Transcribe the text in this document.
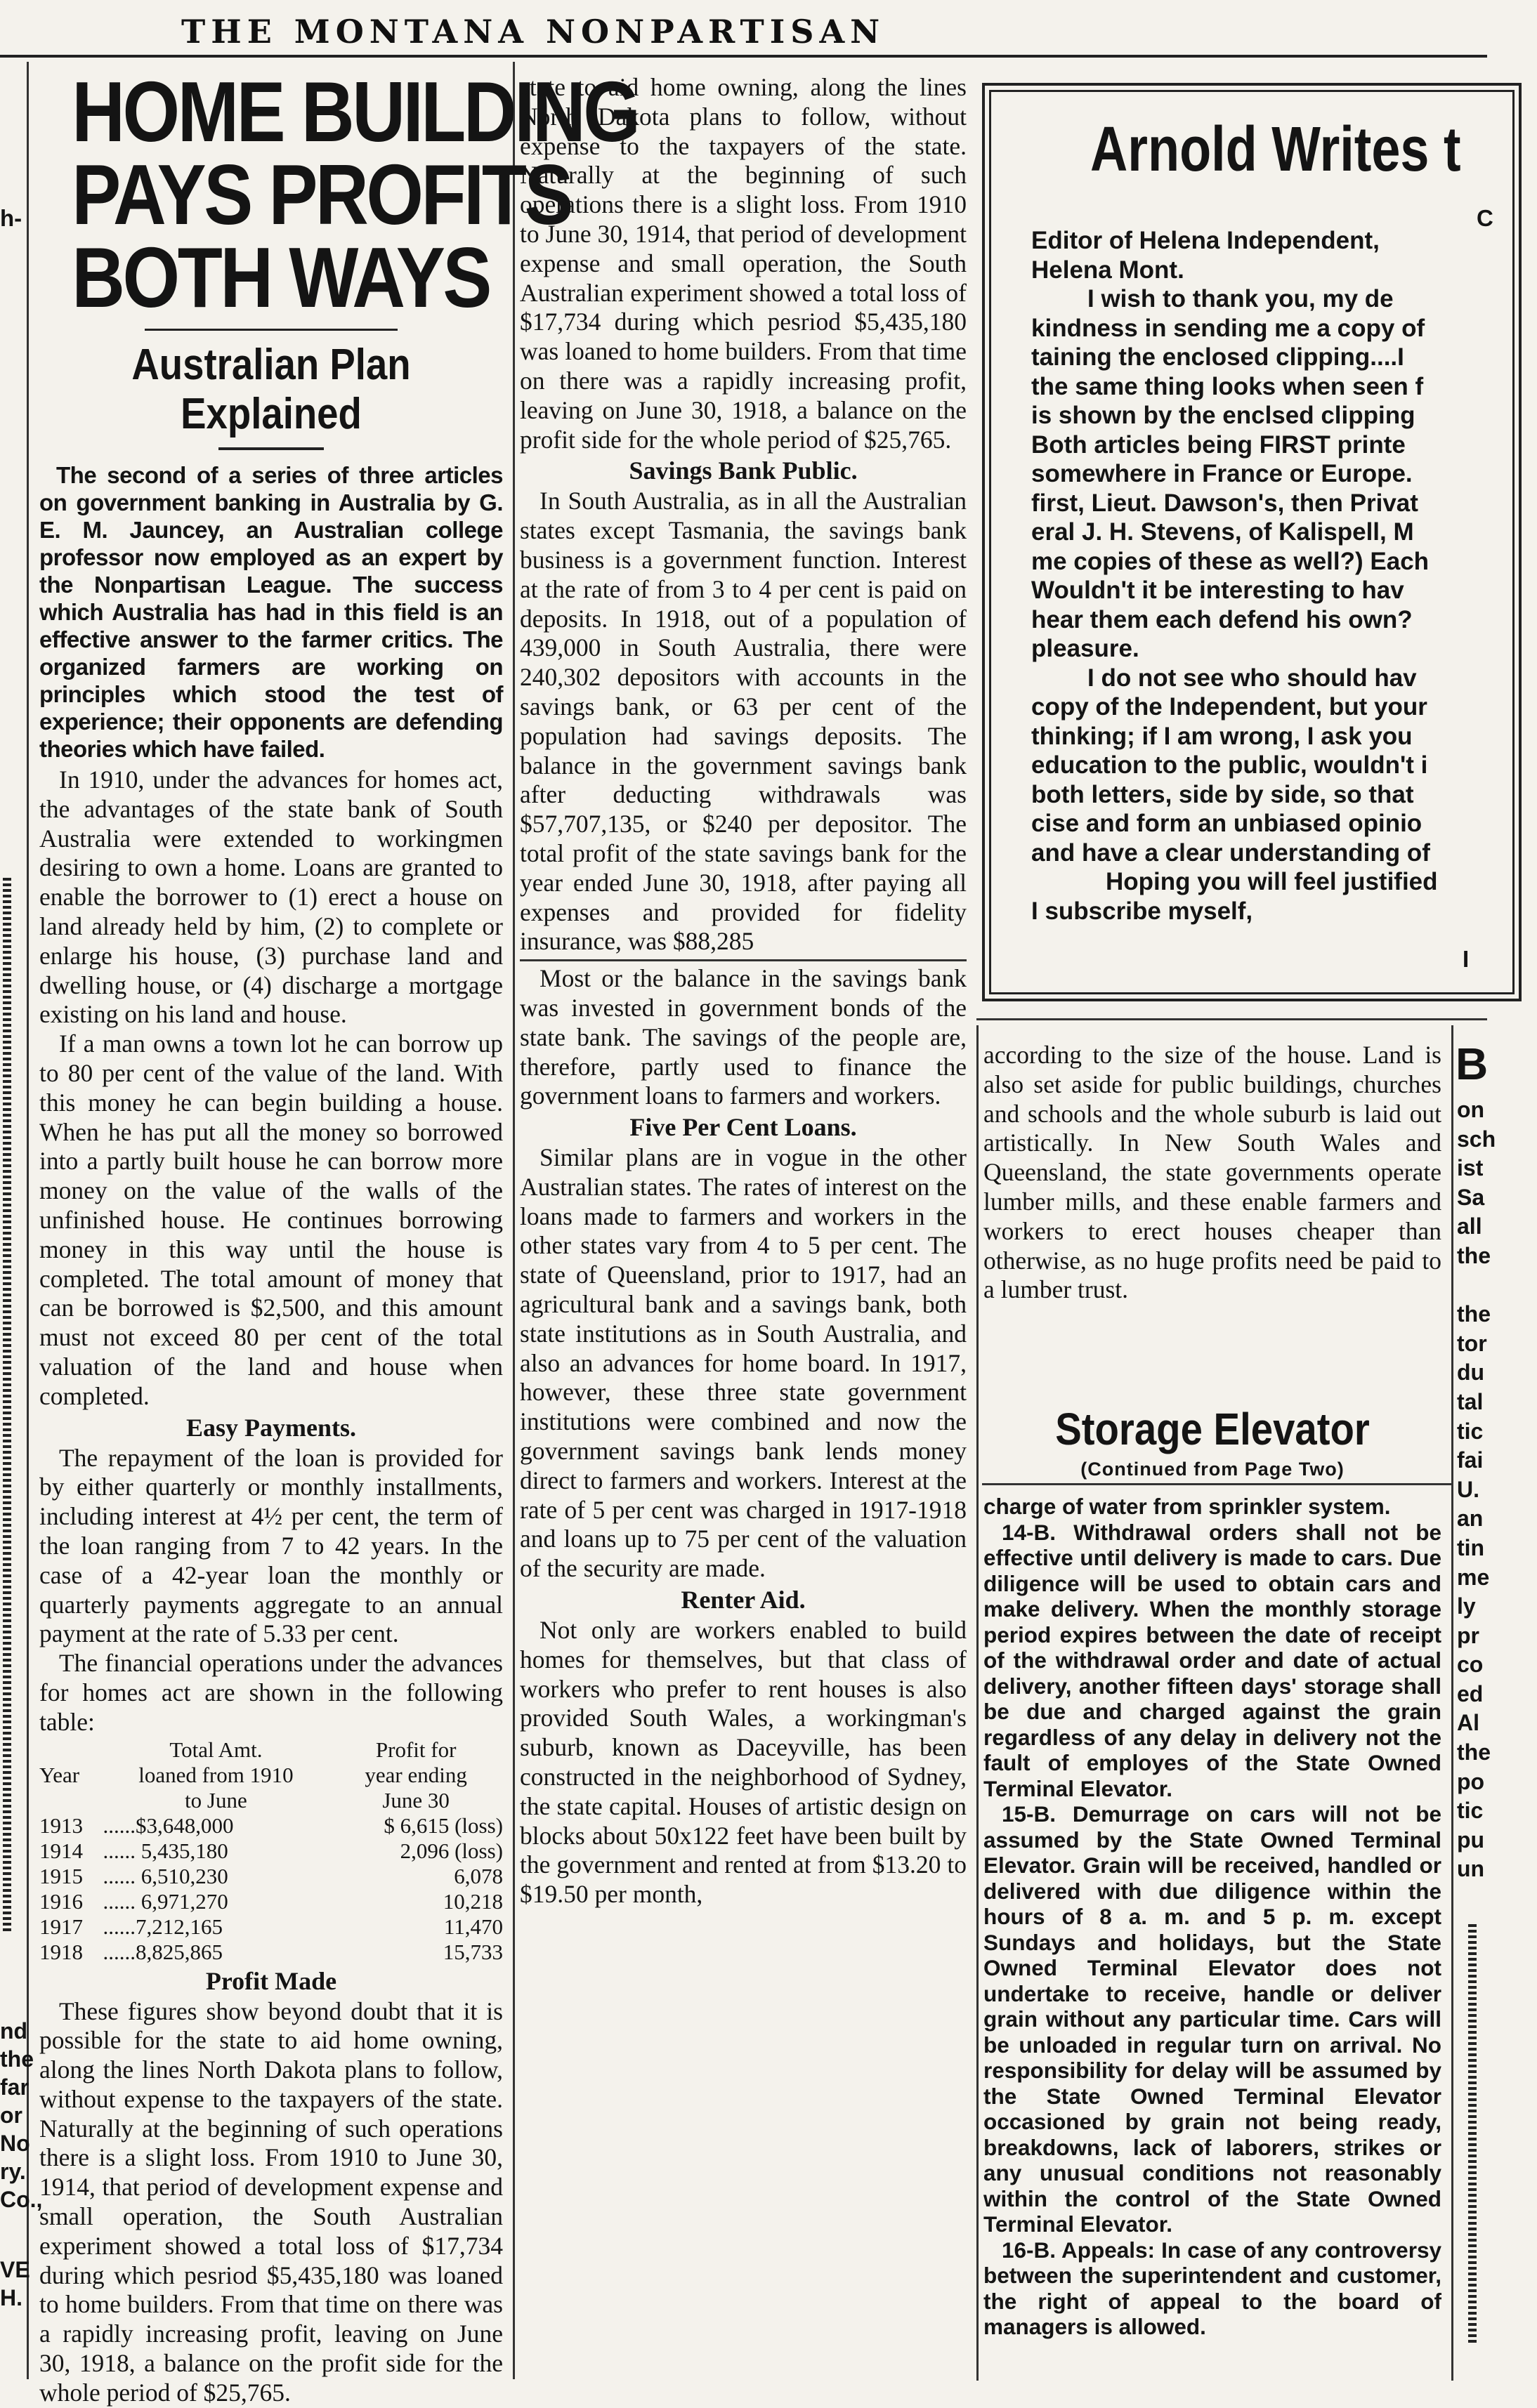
THE MONTANA NONPARTISAN
h-
nd
the
far
or
No
ry.
Co.,
VE
H.
HOME BUILDING
PAYS PROFITS
BOTH WAYS
Australian Plan
Explained

The second of a series of three articles on government banking in Australia by G. E. M. Jauncey, an Australian college professor now employed as an expert by the Nonpartisan League. The success which Australia has had in this field is an effective answer to the farmer critics. The organized farmers are working on principles which stood the test of experience; their opponents are defending theories which have failed.

In 1910, under the advances for homes act, the advantages of the state bank of South Australia were extended to workingmen desiring to own a home. Loans are granted to enable the borrower to (1) erect a house on land already held by him, (2) to complete or enlarge his house, (3) purchase land and dwelling house, or (4) discharge a mortgage existing on his land and house.

If a man owns a town lot he can borrow up to 80 per cent of the value of the land. With this money he can begin building a house. When he has put all the money so borrowed into a partly built house he can borrow more money on the value of the walls of the unfinished house. He continues borrowing money in this way until the house is completed. The total amount of money that can be borrowed is $2,500, and this amount must not exceed 80 per cent of the total valuation of the land and house when completed.

Easy Payments.

The repayment of the loan is provided for by either quarterly or monthly installments, including interest at 4½ per cent, the term of the loan ranging from 7 to 42 years. In the case of a 42-year loan the monthly or quarterly payments aggregate to an annual payment at the rate of 5.33 per cent.

The financial operations under the advances for homes act are shown in the following table:

	Total Amt.	Profit for
Year	loaned from 1910	year ending
	to June	June 30
1913	......$3,648,000	$ 6,615 (loss)
1914	...... 5,435,180	2,096 (loss)
1915	...... 6,510,230	6,078
1916	...... 6,971,270	10,218
1917	......7,212,165	11,470
1918	......8,825,865	15,733
Profit Made

These figures show beyond doubt that it is possible for the state to aid home owning, along the lines North Dakota plans to follow, without expense to the taxpayers of the state. Naturally at the beginning of such operations there is a slight loss. From 1910 to June 30, 1914, that period of development expense and small operation, the South Australian experiment showed a total loss of $17,734 during which pesriod $5,435,180 was loaned to home builders. From that time on there was a rapidly increasing profit, leaving on June 30, 1918, a balance on the profit side for the whole period of $25,765.

state to aid home owning, along the lines North Dakota plans to follow, without expense to the taxpayers of the state. Naturally at the beginning of such operations there is a slight loss. From 1910 to June 30, 1914, that period of development expense and small operation, the South Australian experiment showed a total loss of $17,734 during which pesriod $5,435,180 was loaned to home builders. From that time on there was a rapidly increasing profit, leaving on June 30, 1918, a balance on the profit side for the whole period of $25,765.

Savings Bank Public.

In South Australia, as in all the Australian states except Tasmania, the savings bank business is a government function. Interest at the rate of from 3 to 4 per cent is paid on deposits. In 1918, out of a population of 439,000 in South Australia, there were 240,302 depositors with accounts in the savings bank, or 63 per cent of the population had savings deposits. The balance in the government savings bank after deducting withdrawals was $57,707,135, or $240 per depositor. The total profit of the state savings bank for the year ended June 30, 1918, after paying all expenses and provided for fidelity insurance, was $88,285

Most or the balance in the savings bank was invested in government bonds of the state bank. The savings of the people are, therefore, partly used to finance the government loans to farmers and workers.

Five Per Cent Loans.

Similar plans are in vogue in the other Australian states. The rates of interest on the loans made to farmers and workers in the other states vary from 4 to 5 per cent. The state of Queensland, prior to 1917, had an agricultural bank and a savings bank, both state institutions as in South Australia, and also an advances for home board. In 1917, however, these three state government institutions were combined and now the government savings bank lends money direct to farmers and workers. Interest at the rate of 5 per cent was charged in 1917-1918 and loans up to 75 per cent of the valuation of the security are made.

Renter Aid.

Not only are workers enabled to build homes for themselves, but that class of workers who prefer to rent houses is also provided South Wales, a workingman's suburb, known as Daceyville, has been constructed in the neighborhood of Sydney, the state capital. Houses of artistic design on blocks about 50x122 feet have been built by the government and rented at from $13.20 to $19.50 per month,

Arnold Writes t
C
Editor of Helena Independent,
Helena Mont.
I wish to thank you, my de
kindness in sending me a copy of
taining the enclosed clipping....I
the same thing looks when seen f
is shown by the enclsed clipping
Both articles being FIRST printe
somewhere in France or Europe.
first, Lieut. Dawson's, then Privat
eral J. H. Stevens, of Kalispell, M
me copies of these as well?) Each
Wouldn't it be interesting to hav
hear them each defend his own?
pleasure.
I do not see who should hav
copy of the Independent, but your
thinking; if I am wrong, I ask you
education to the public, wouldn't i
both letters, side by side, so that
cise and form an unbiased opinio
and have a clear understanding of
Hoping you will feel justified
I subscribe myself,
I

according to the size of the house. Land is also set aside for public buildings, churches and schools and the whole suburb is laid out artistically. In New South Wales and Queensland, the state governments operate lumber mills, and these enable farmers and workers to erect houses cheaper than otherwise, as no huge profits need be paid to a lumber trust.

Storage Elevator
(Continued from Page Two)

charge of water from sprinkler system.

14-B. Withdrawal orders shall not be effective until delivery is made to cars. Due diligence will be used to obtain cars and make delivery. When the monthly storage period expires between the date of receipt of the withdrawal order and date of actual delivery, another fifteen days' storage shall be due and charged against the grain regardless of any delay in delivery not the fault of employes of the State Owned Terminal Elevator.

15-B. Demurrage on cars will not be assumed by the State Owned Terminal Elevator. Grain will be received, handled or delivered with due diligence within the hours of 8 a. m. and 5 p. m. except Sundays and holidays, but the State Owned Terminal Elevator does not undertake to receive, handle or deliver grain without any particular time. Cars will be unloaded in regular turn on arrival. No responsibility for delay will be assumed by the State Owned Terminal Elevator occasioned by grain not being ready, breakdowns, lack of laborers, strikes or any unusual conditions not reasonably within the control of the State Owned Terminal Elevator.

16-B. Appeals: In case of any controversy between the superintendent and customer, the right of appeal to the board of managers is allowed.

B
on
sch
ist
Sa
all
the

the
tor
du
tal
tic
fai
U.
an
tin
me
ly
pr
co
ed
Al
the
po
tic
pu
un
